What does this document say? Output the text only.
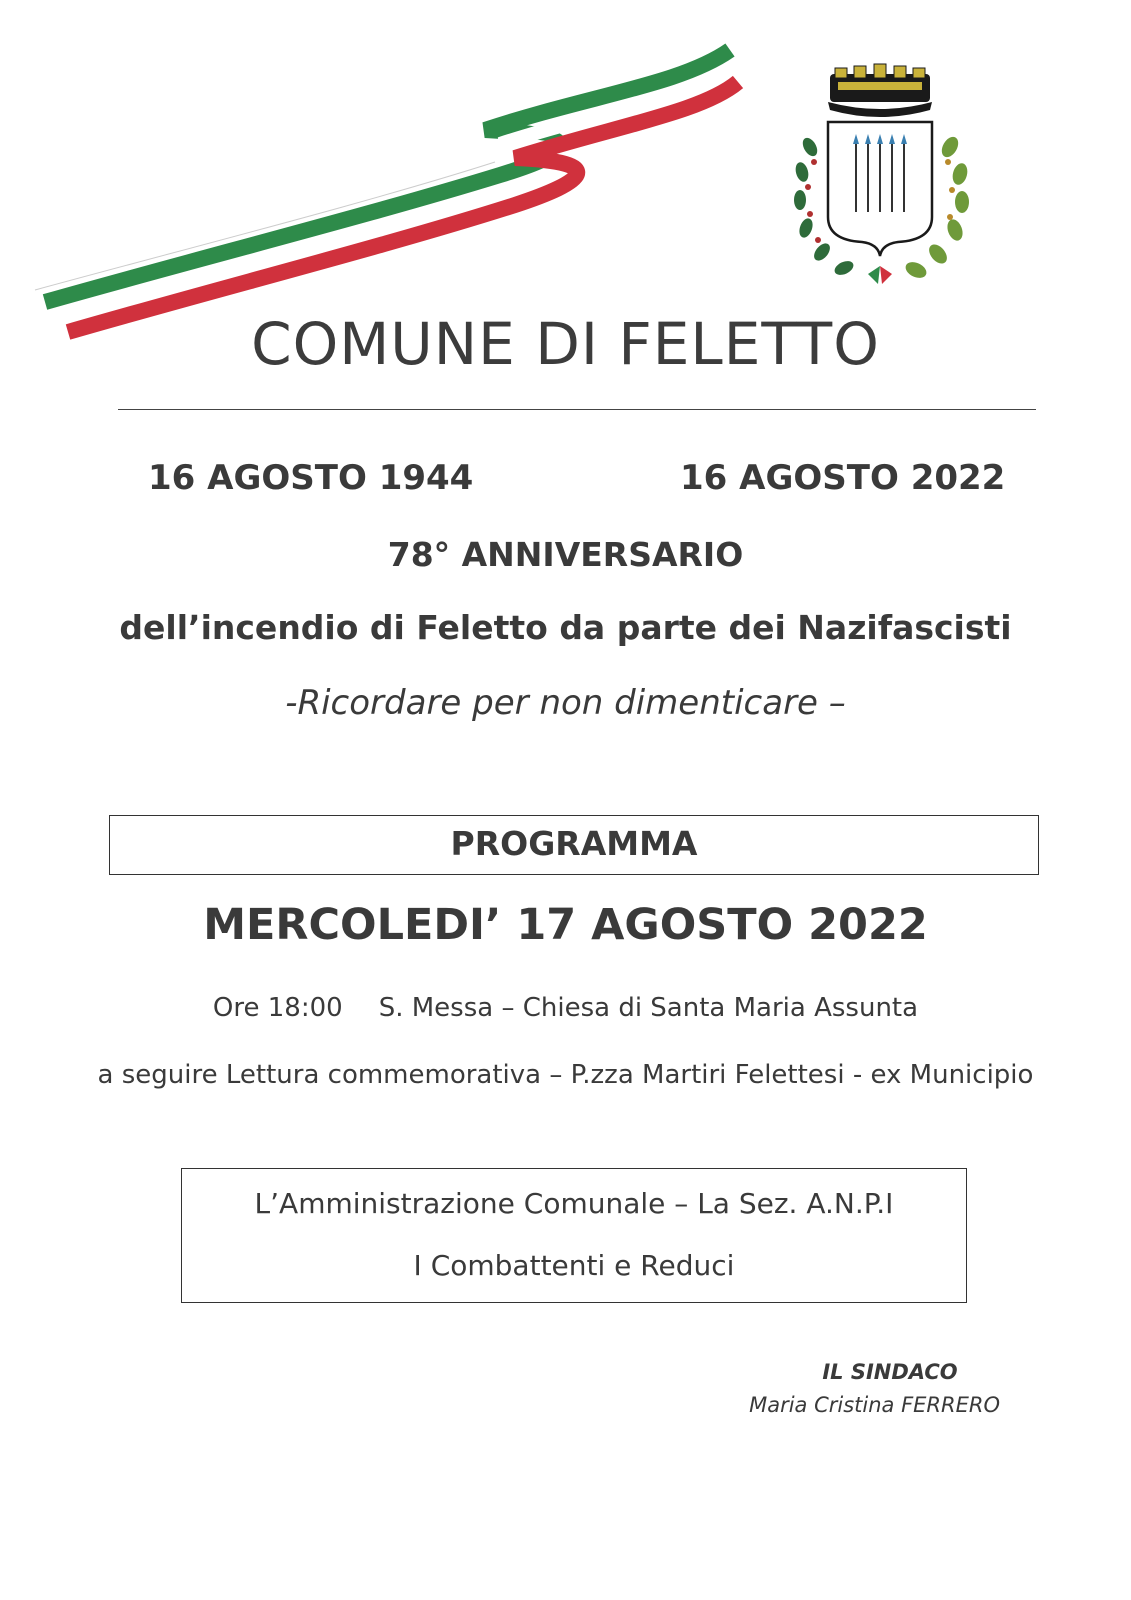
COMUNE DI FELETTO
16 AGOSTO 1944	16 AGOSTO 2022
78° ANNIVERSARIO
dell’incendio di Feletto da parte dei Nazifascisti
-Ricordare per non dimenticare –
PROGRAMMA
MERCOLEDI’ 17 AGOSTO 2022
Ore 18:00 S. Messa – Chiesa di Santa Maria Assunta
a seguire Lettura commemorativa – P.zza Martiri Felettesi - ex Municipio
L’Amministrazione Comunale – La Sez. A.N.P.I
I Combattenti e Reduci
IL SINDACO
Maria Cristina FERRERO
